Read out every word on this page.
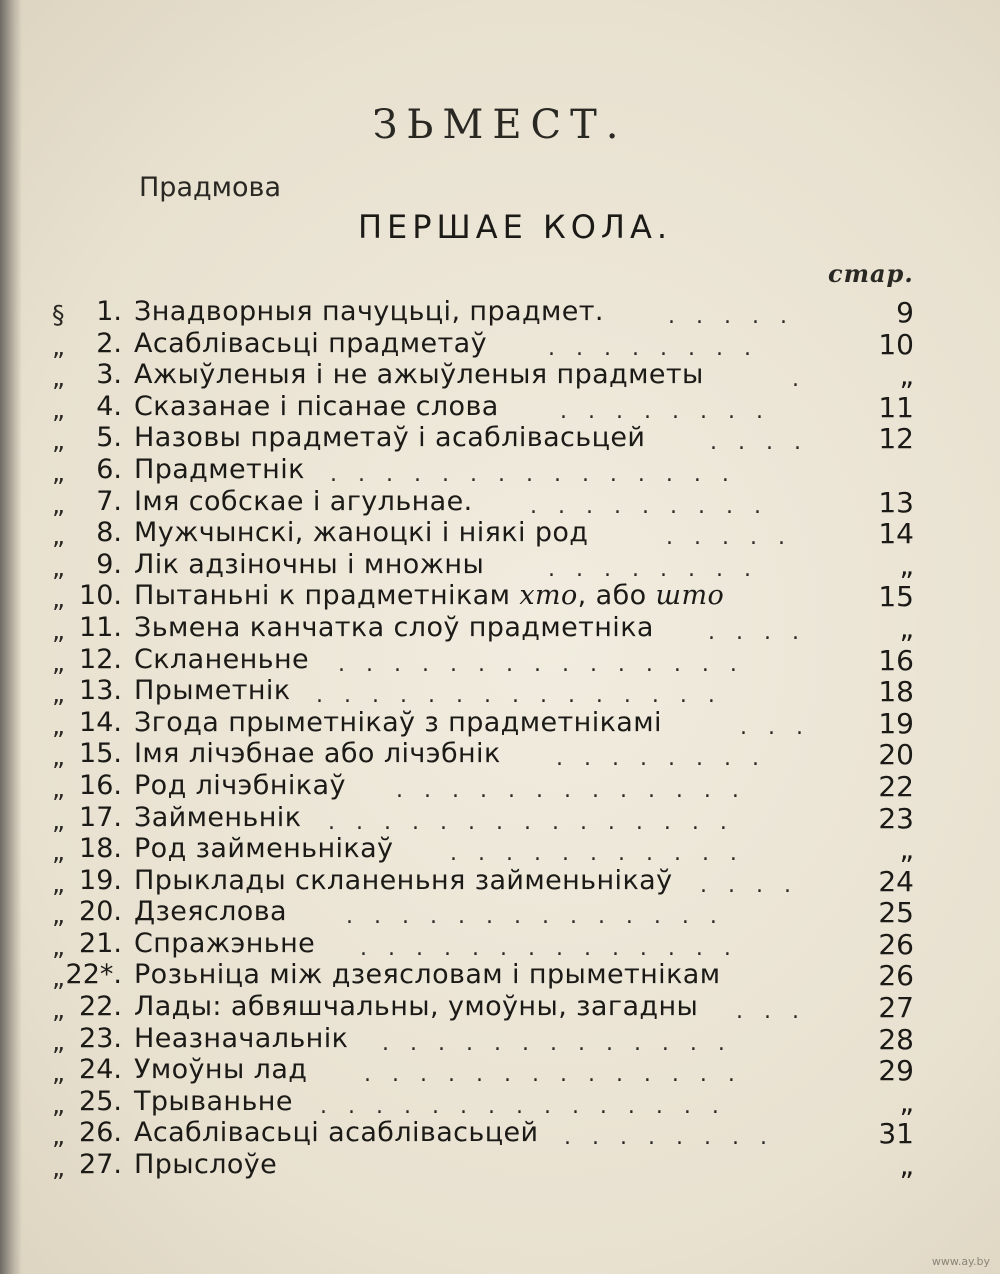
ЗЬМЕСТ.
Прадмова
ПЕРШАЕ КОЛА.
стар.
§ 1. Знадворныя пачуцьці, прадмет.	.....	9
„ 2. Асаблівасьці прадметаў	........	10
„ 3. Ажыўленыя і не ажыўленыя прадметы	.	„
„ 4. Сказанае і пісанае слова	........	11
„ 5. Назовы прадметаў і асаблівасьцей	.... 12
„ 6. Прадметнік ...............
„ 7. Імя собскае і агульнае.	.........	13
„ 8. Мужчынскі, жаноцкі і ніякі род	.....	14
„ 9. Лік адзіночны і множны	........	„
„ 10. Пытаньні к прадметнікам хто, або што	15
„ 11. Зьмена канчатка слоў прадметніка ....	„
„ 12. Скланеньне ...............	16
„ 13. Прыметнік ...............	18
„ 14. Згода прыметнікаў з прадметнікамі	... 19
„ 15. Імя лічэбнае або лічэбнік	........	20
„ 16. Род лічэбнікаў .............	22
„ 17. Займеньнік ...............	23
„ 18. Род займеньнікаў	...........	„
„ 19. Прыклады скланеньня займеньнікаў .... 24
„ 20. Дзеяслова	..............	25
„ 21. Спражэньне ..............	26
„ 22*. Розьніца між дзеясловам і прыметнікам	26
„ 22. Лады: абвяшчальны, умоўны, загадны ... 27
„ 23. Неазначальнік .............	28
„ 24. Умоўны лад	..............	29
„ 25. Трываньне ...............	„
„ 26. Асаблівасьці асаблівасьцей ........	31
„ 27. Прыслоўе	„
www.ay.by
